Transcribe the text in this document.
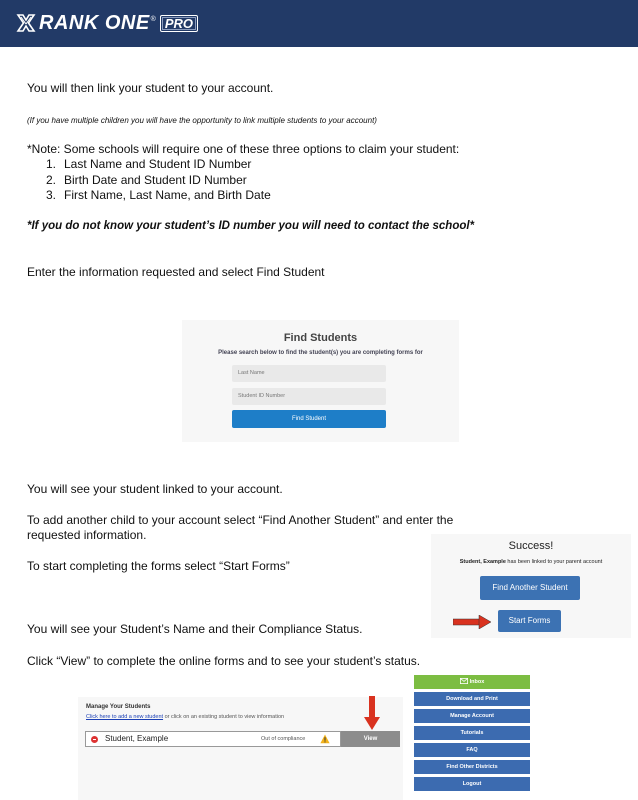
RANK ONE ® PRO
You will then link your student to your account.
(If you have multiple children you will have the opportunity to link multiple students to your account)
*Note: Some schools will require one of these three options to claim your student:
1. Last Name and Student ID Number
2. Birth Date and Student ID Number
3. First Name, Last Name, and Birth Date
*If you do not know your student’s ID number you will need to contact the school*
Enter the information requested and select Find Student
Find Students
Please search below to find the student(s) you are completing forms for
Last Name
Student ID Number
Find Student
You will see your student linked to your account.
To add another child to your account select “Find Another Student” and enter the
requested information.
To start completing the forms select “Start Forms”
Success!
Student, Example has been linked to your parent account
Find Another Student
Start Forms
You will see your Student’s Name and their Compliance Status.
Click “View” to complete the online forms and to see your student’s status.
Manage Your Students
Click here to add a new student or click on an existing student to view information
Student, Example	Out of compliance	View
Inbox
Download and Print
Manage Account
Tutorials
FAQ
Find Other Districts
Logout
